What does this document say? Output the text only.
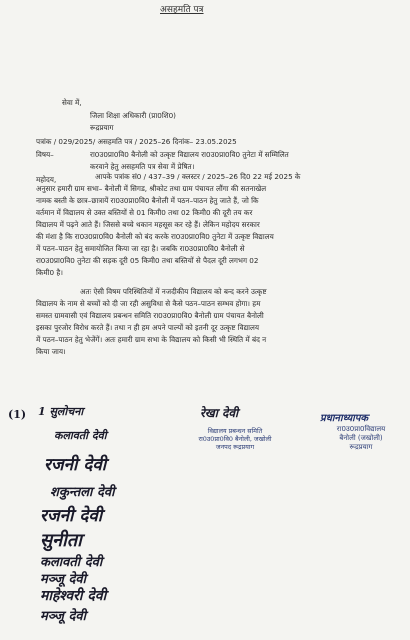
असहमति पत्र
सेवा में,
जिला शिक्षा अधिकारी (प्रा0शि0)
रूद्रप्रयाग
पत्रांक / 029/2025/ असहमति पत्र / 2025–26 दिनांक– 23.05.2025
विषय–	रा0उ0प्रा0वि0 बैनोली को उत्कृष्ट विद्यालय रा0उ0प्रा0वि0 तुनेटा में सम्मिलित
करवाने हेतु असहमति पत्र सेवा में प्रेषित।
महोदय,	आपके पत्रांक सं0 / 437–39 / क्लस्टर / 2025–26 दि0 22 मई 2025 के
अनुसार हमारी ग्राम सभा– बैनोली में सिगड, श्रीकोट तथा ग्राम पंचायत लौंगा की सतनाखेल
नामक बस्ती के छात्र–छात्रायें रा0उ0प्रा0वि0 बैनोली में पठन–पाठन हेतु जाते हैं, जो कि
वर्तमान में विद्यालय से उक्त बस्तियों से 01 किमी0 तथा 02 किमी0 की दूरी तय कर
विद्यालय में पढ़ने आते हैं। जिससे बच्चे थकान महसूस कर रहे हैं। लेकिन महोदय सरकार
की मंशा है कि रा0उ0प्रा0वि0 बैनोली को बंद करके रा0उ0प्रा0वि0 तुनेटा में उत्कृष्ट विद्यालय
में पठन–पाठन हेतु समायोजित किया जा रहा है। जबकि रा0उ0प्रा0वि0 बैनोली से
रा0उ0प्रा0वि0 तुनेटा की सड़क दूरी 05 किमी0 तथा बस्तियों से पैदल दूरी लगभग 02
किमी0 है।
अतः ऐसी विषम परिस्थितियों में नजदीकीय विद्यालय को बन्द करने उत्कृष्ट
विद्यालय के नाम से बच्चों को दी जा रही असुविधा से कैसे पठन–पाठन सम्भव होगा। हम
समस्त ग्रामवासी एवं विद्यालय प्रबन्धन समिति रा0उ0प्रा0वि0 बैनोली ग्राम पंचायत बैनोली
इसका पुरजोर विरोध करते हैं। तथा न ही हम अपने पाल्यों को इतनी दूर उत्कृष्ट विद्यालय
में पठन–पाठन हेतु भेजेंगें। अतः हमारी ग्राम सभा के विद्यालय को किसी भी स्थिति में बंद न
किया जाय।
(1) 1 सुलोचना
कलावती देवी
रजनी देवी
शकुन्तला देवी
रजनी देवी
सुनीता
कलावती देवी
मञ्जू देवी
माहेश्वरी देवी
मञ्जू देवी
रेखा देवी
विद्यालय प्रबन्धन समिति
रा0उ0प्रा0वि0 बैनोली, जखोली
जनपद रूद्रप्रयाग
प्रधानाध्यापक
रा0उ0प्रा0विद्यालय
बैनोली (जखोली)
रूद्रप्रयाग
